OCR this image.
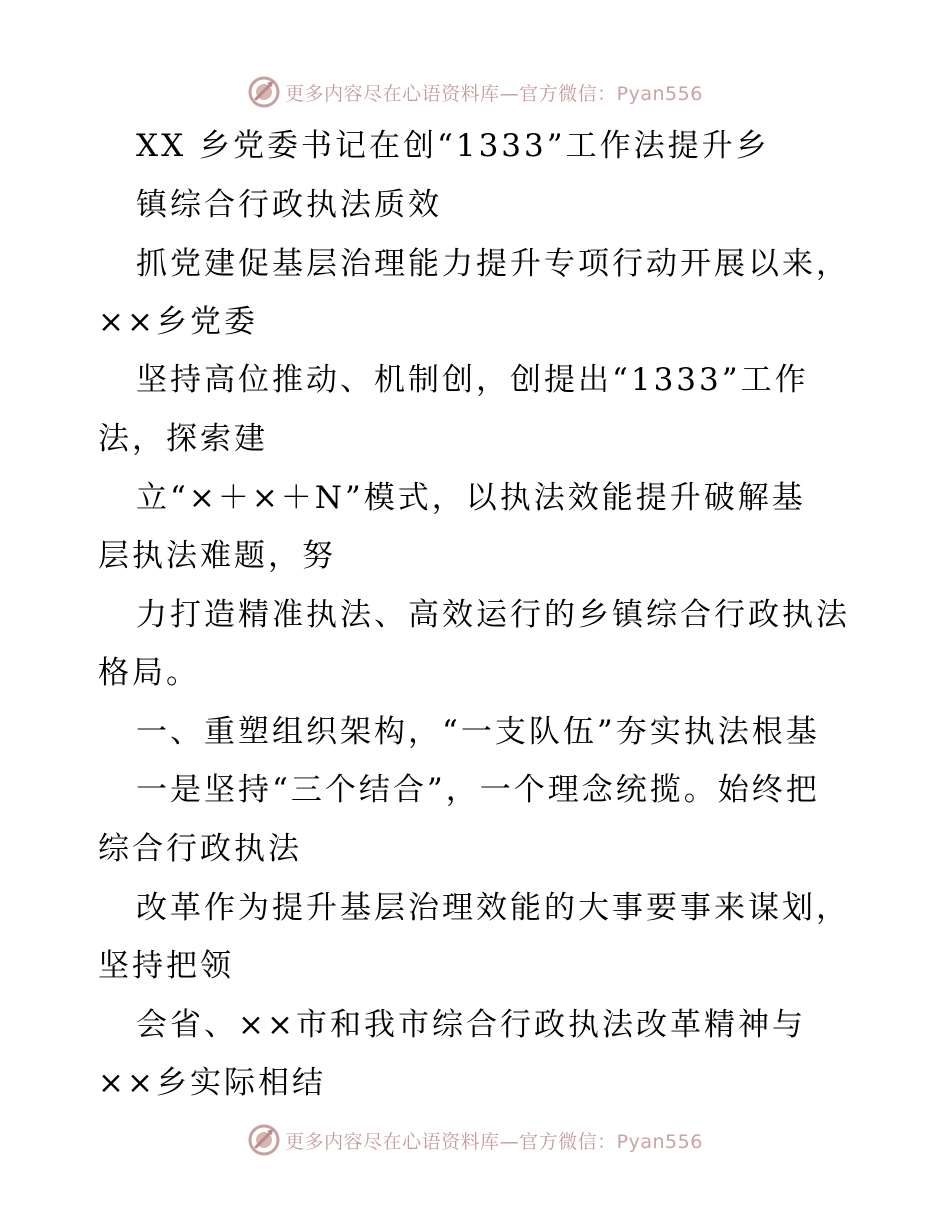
更多内容尽在心语资料库—官方微信：Pyan556
XX 乡党委书记在创“1333”工作法提升乡
镇综合行政执法质效
抓党建促基层治理能力提升专项行动开展以来，
××乡党委
坚持高位推动、机制创，创提出“1333”工作
法，探索建
立“×＋×＋N”模式，以执法效能提升破解基
层执法难题，努
力打造精准执法、高效运行的乡镇综合行政执法
格局。
一、重塑组织架构，“一支队伍”夯实执法根基
一是坚持“三个结合”，一个理念统揽。始终把
综合行政执法
改革作为提升基层治理效能的大事要事来谋划，
坚持把领
会省、××市和我市综合行政执法改革精神与
××乡实际相结
更多内容尽在心语资料库—官方微信：Pyan556
